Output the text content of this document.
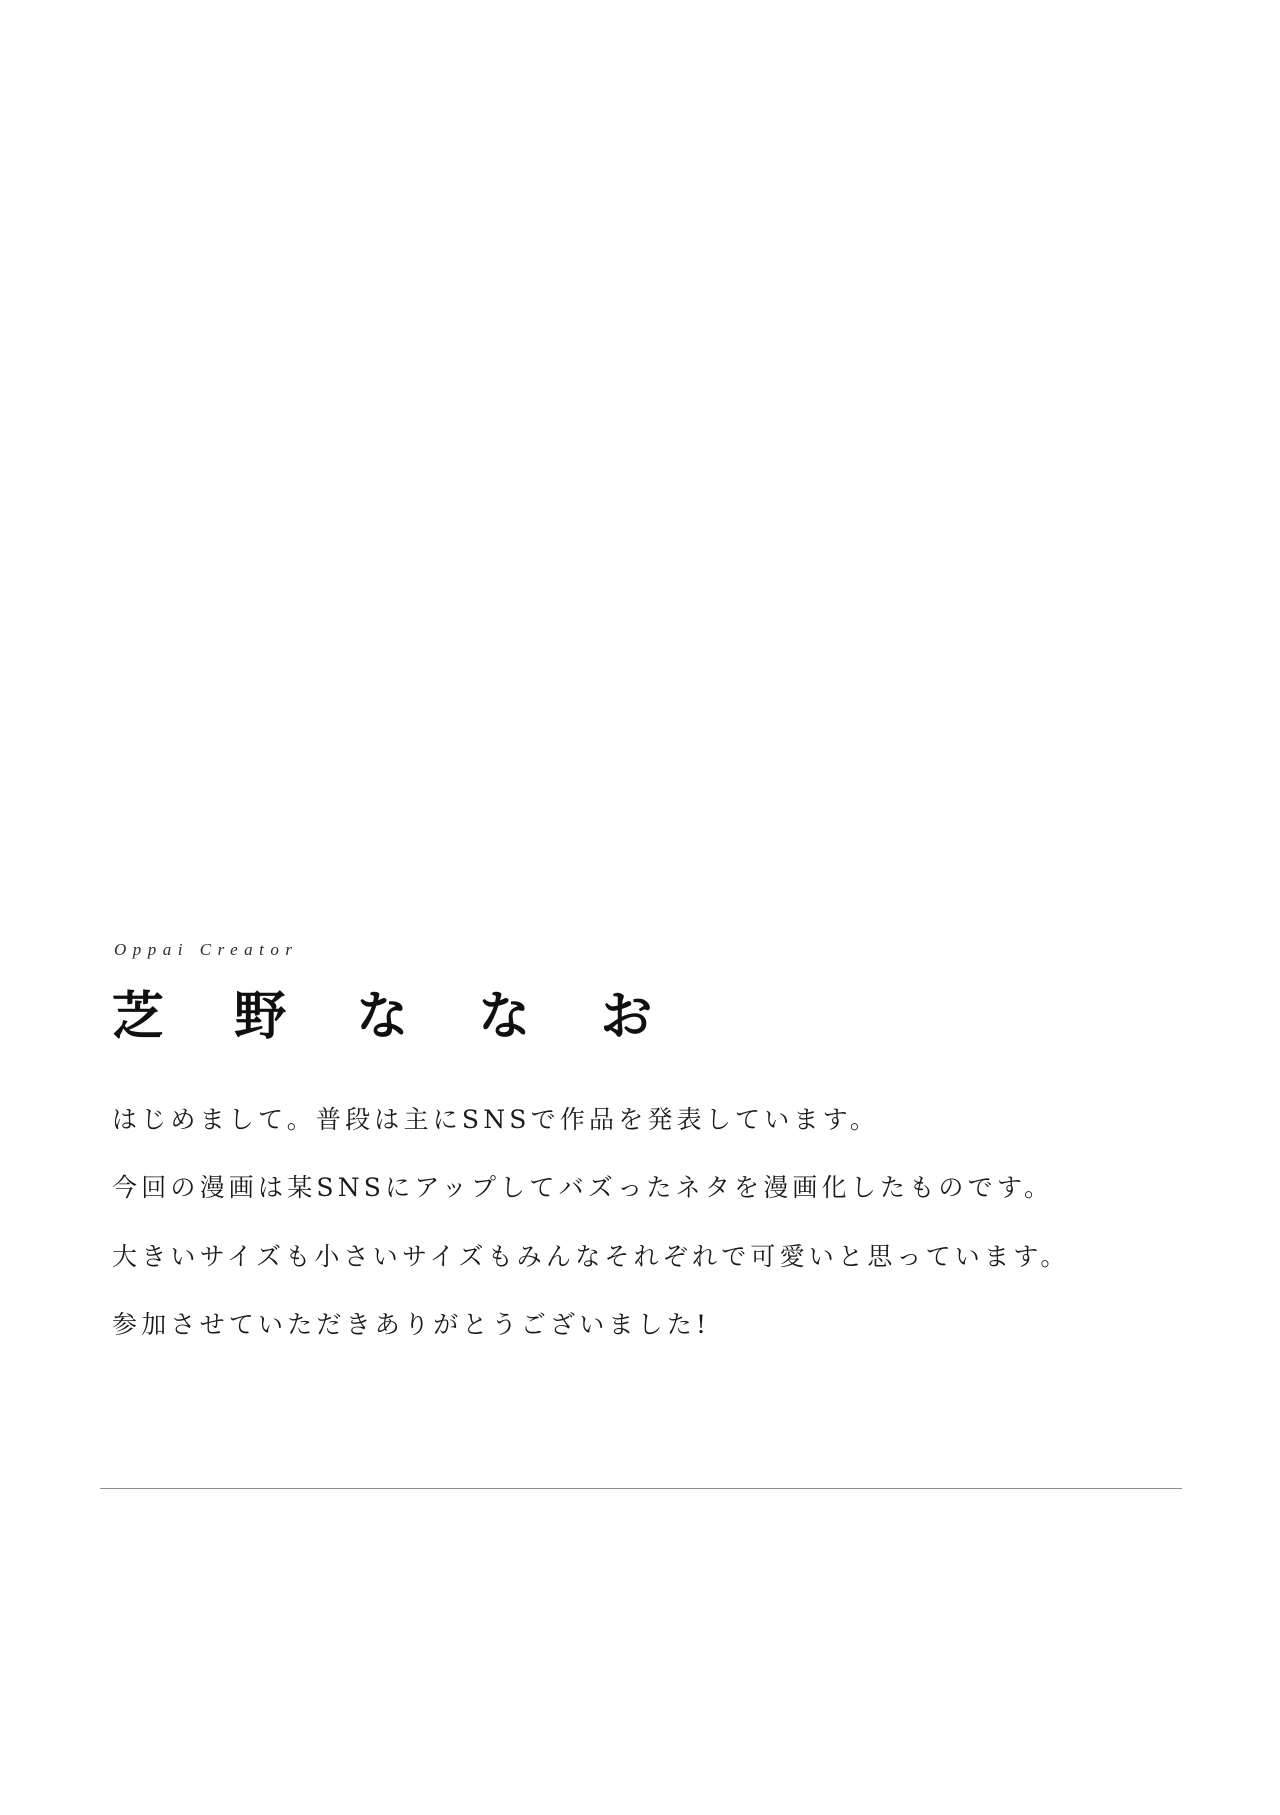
Oppai Creator
芝 野 な な お

はじめまして。普段は主にSNSで作品を発表しています。

今回の漫画は某SNSにアップしてバズったネタを漫画化したものです。

大きいサイズも小さいサイズもみんなそれぞれで可愛いと思っています。

参加させていただきありがとうございました!
